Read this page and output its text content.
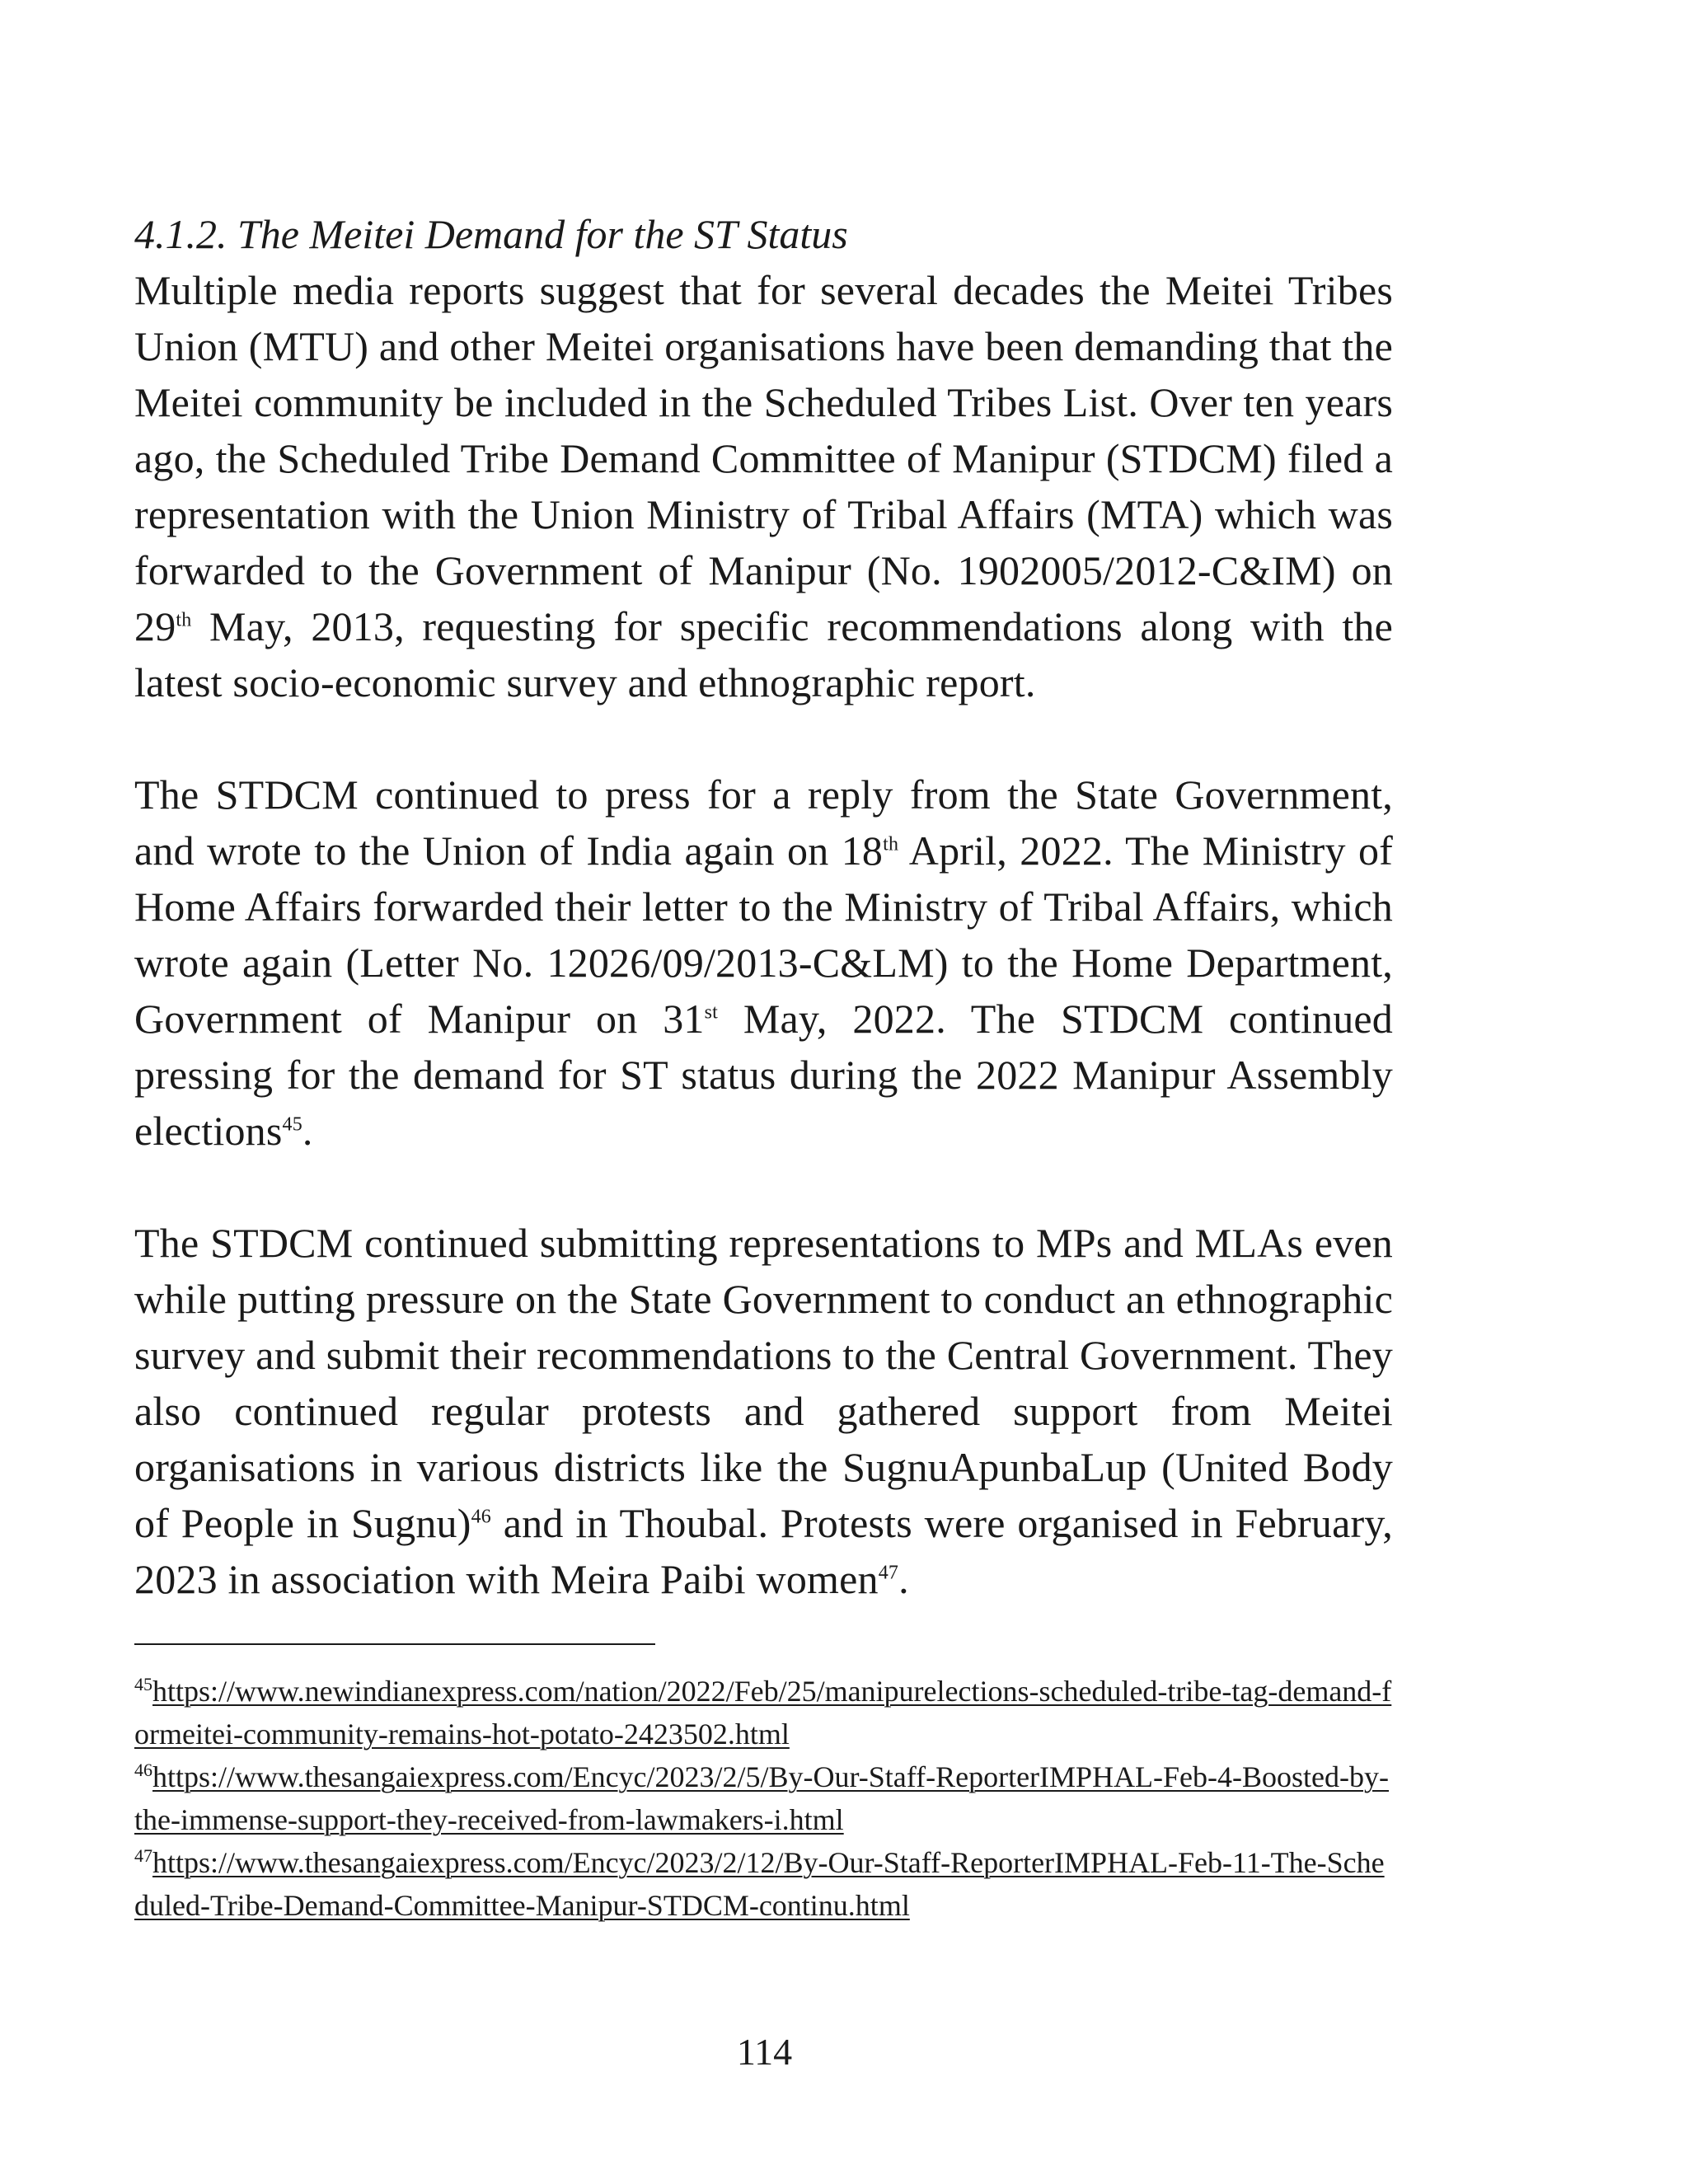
4.1.2. The Meitei Demand for the ST Status

Multiple media reports suggest that for several decades the Meitei Tribes Union (MTU) and other Meitei organisations have been demanding that the Meitei community be included in the Scheduled Tribes List. Over ten years ago, the Scheduled Tribe Demand Committee of Manipur (STDCM) filed a representation with the Union Ministry of Tribal Affairs (MTA) which was forwarded to the Government of Manipur (No. 1902005/2012-C&IM) on 29th May, 2013, requesting for specific recommendations along with the latest socio-economic survey and ethnographic report.

The STDCM continued to press for a reply from the State Government, and wrote to the Union of India again on 18th April, 2022. The Ministry of Home Affairs forwarded their letter to the Ministry of Tribal Affairs, which wrote again (Letter No. 12026/09/2013-C&LM) to the Home Department, Government of Manipur on 31st May, 2022. The STDCM continued pressing for the demand for ST status during the 2022 Manipur Assembly elections$^{45}$.

The STDCM continued submitting representations to MPs and MLAs even while putting pressure on the State Government to conduct an ethnographic survey and submit their recommendations to the Central Government. They also continued regular protests and gathered support from Meitei organisations in various districts like the SugnuApunbaLup (United Body of People in Sugnu)$^{46}$ and in Thoubal. Protests were organised in February, 2023 in association with Meira Paibi women$^{47}$.

$^{45}$https://www.newindianexpress.com/nation/2022/Feb/25/manipurelections-scheduled-tribe-tag-demand-formeitei-community-remains-hot-potato-2423502.html

$^{46}$https://www.thesangaiexpress.com/Encyc/2023/2/5/By-Our-Staff-ReporterIMPHAL-Feb-4-Boosted-by-the-immense-support-they-received-from-lawmakers-i.html

$^{47}$https://www.thesangaiexpress.com/Encyc/2023/2/12/By-Our-Staff-ReporterIMPHAL-Feb-11-The-Scheduled-Tribe-Demand-Committee-Manipur-STDCM-continu.html

114
